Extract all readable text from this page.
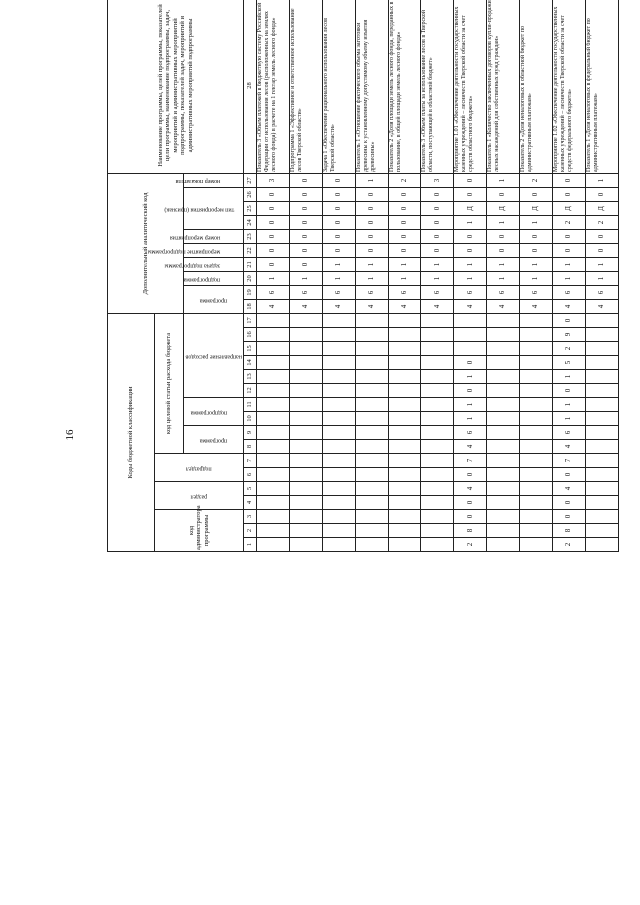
16	Коды бюджетной классификации																	Дополнительный аналитический код										Наименование программы, целей программы, показателей цели программы, наименование подпрограммы, задач, мероприятий и административных мероприятий подпрограммы, показателей задач, мероприятий и административных мероприятий подпрограммы				
код администратора программы			раздел		подраздел		код целевой статьи расхода бюджета																													

							программа		подпрограмма		направление расходов						программа		подпрограмма	задача подпрограммы	мероприятие подпрограммы	номер мероприятия	тип мероприятия (признак)			номер показателя

1	2	3	4	5	6	7	8	9	10	11	12	13	14	15	16	17	18	19	20	21	22	23	24	25	26	27	28									
																	4	6	1	0	0	0	0	0	0	3	Показатель 3 «Объем платежей в бюджетную систему Российской Федерации от использования лесов (расположенных на землях лесного фонда) в расчете на 1 гектар земель лесного фонда»									
																	4	6	1	0	0	0	0	0	0	0	Подпрограмма 1 «Эффективное и ответственное использование лесов Тверской области»									
																	4	6	1	1	0	0	0	0	0	0	Задача 1 «Обеспечение рационального использования лесов Тверской области»									
																	4	6	1	1	0	0	0	0	0	1	Показатель 1 «Отношение фактического объема заготовки древесины к установленному допустимому объему изъятия древесины»									
																	4	6	1	1	0	0	0	0	0	2	Показатель 2 «Доля площади земель лесного фонда, переданных в пользование, в общей площади земель лесного фонда»									
																	4	6	1	1	0	0	0	0	0	3	Показатель 3 «Объем платы за использование лесов в Тверской области, поступающей в областной бюджет»									
2	8	0	0	4	0	7	4	6	1	1	0	1	0				4	6	1	1	0	0	1	Д	0	0	Мероприятие 1.01 «Обеспечение деятельности государственных казенных учреждений – лесничеств Тверской области за счет средств областного бюджета»									
																	4	6	1	1	0	0	1	Д	0	1	Показатель 1 «Количество заключенных договоров купли-продажи лесных насаждений для собственных нужд граждан»									
																	4	6	1	1	0	0	1	Д	0	2	Показатель 2 «Доля неналоговых в областной бюджет по административным платежам»									
2	8	0	0	4	0	7	4	6	1	1	0	1	5	2	9	0	4	6	1	1	0	0	2	Д	0	0	Мероприятие 1.02 «Обеспечение деятельности государственных казенных учреждений – лесничеств Тверской области за счет средств федерального бюджета»									
																	4	6	1	1	0	0	2	Д	0	1	Показатель 1 «Доля неналоговых в федеральный бюджет по административным платежам»									
